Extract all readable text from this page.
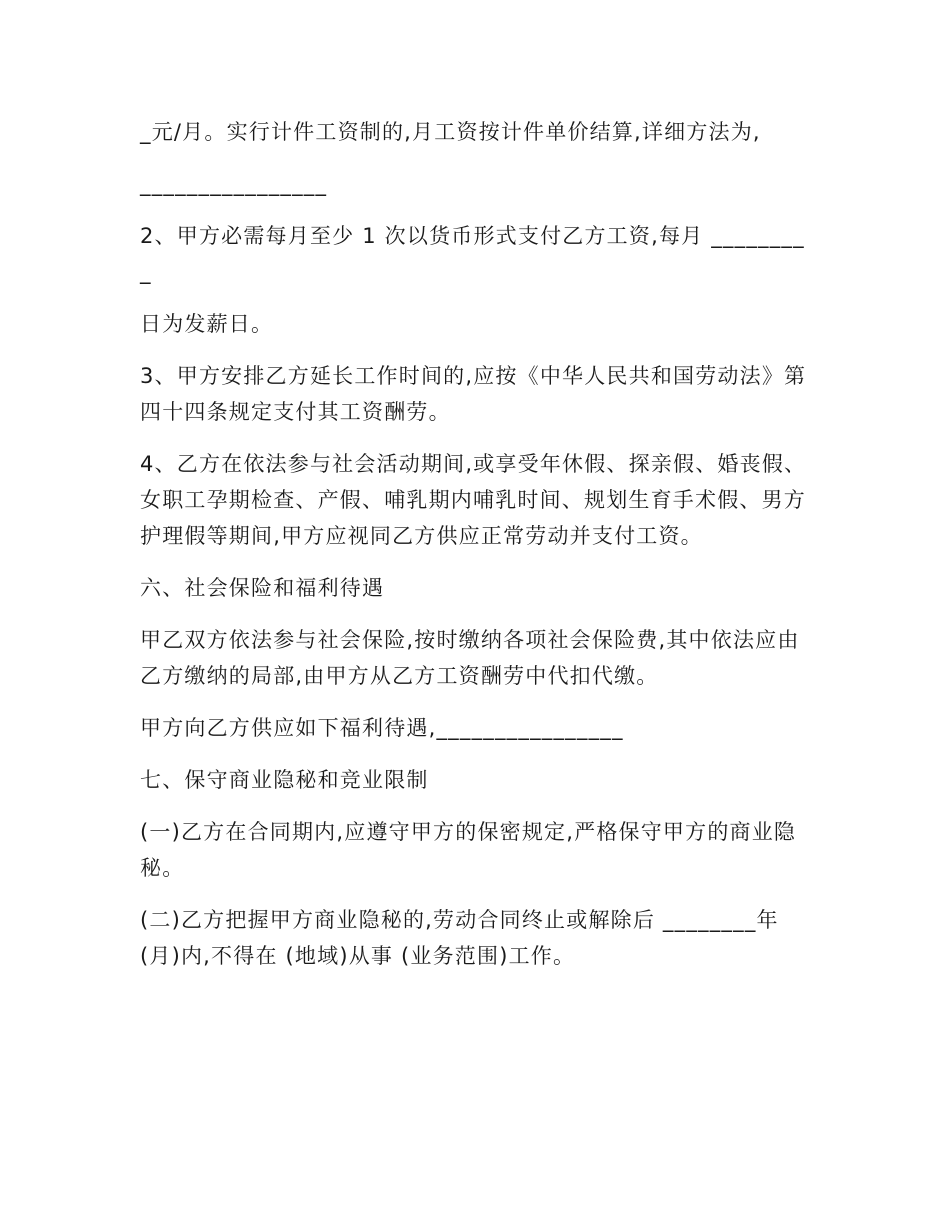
_元/月。实行计件工资制的,月工资按计件单价结算,详细方法为,

________________

2、甲方必需每月至少 1 次以货币形式支付乙方工资,每月 _________

日为发薪日。

3、甲方安排乙方延长工作时间的,应按《中华人民共和国劳动法》第四十四条规定支付其工资酬劳。

4、乙方在依法参与社会活动期间,或享受年休假、探亲假、婚丧假、女职工孕期检查、产假、哺乳期内哺乳时间、规划生育手术假、男方护理假等期间,甲方应视同乙方供应正常劳动并支付工资。

六、社会保险和福利待遇

甲乙双方依法参与社会保险,按时缴纳各项社会保险费,其中依法应由乙方缴纳的局部,由甲方从乙方工资酬劳中代扣代缴。

甲方向乙方供应如下福利待遇,________________

七、保守商业隐秘和竞业限制

(一)乙方在合同期内,应遵守甲方的保密规定,严格保守甲方的商业隐秘。

(二)乙方把握甲方商业隐秘的,劳动合同终止或解除后 ________年(月)内,不得在 (地域)从事 (业务范围)工作。
